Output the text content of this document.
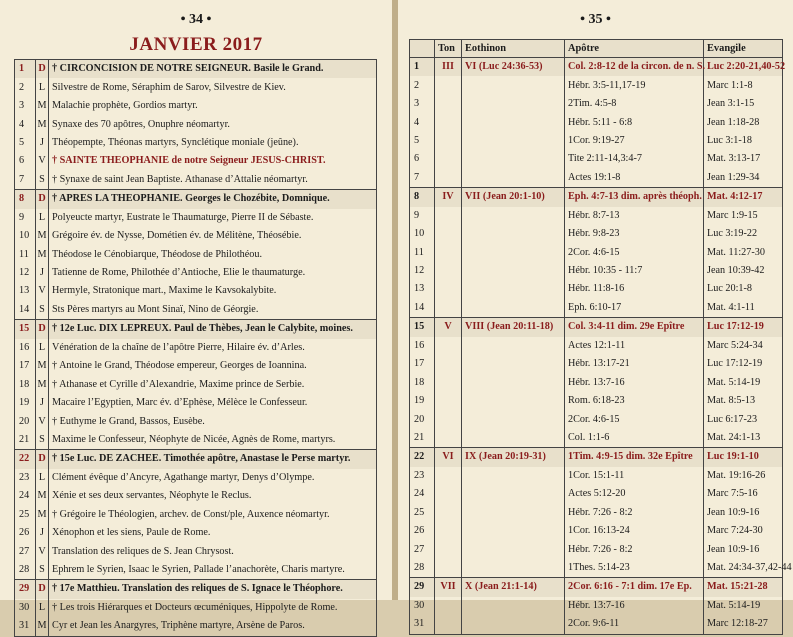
• 34 •
JANVIER 2017
1	D	† CIRCONCISION DE NOTRE SEIGNEUR. Basile le Grand.
2	L	Silvestre de Rome, Séraphim de Sarov, Silvestre de Kiev.
3	M	Malachie prophète, Gordios martyr.
4	M	Synaxe des 70 apôtres, Onuphre néomartyr.
5	J	Théopempte, Théonas martyrs, Synclétique moniale (jeûne).
6	V	† SAINTE THEOPHANIE de notre Seigneur JESUS-CHRIST.
7	S	† Synaxe de saint Jean Baptiste. Athanase d’Attalie néomartyr.
8	D	† APRES LA THEOPHANIE. Georges le Chozébite, Domnique.
9	L	Polyeucte martyr, Eustrate le Thaumaturge, Pierre II de Sébaste.
10	M	Grégoire év. de Nysse, Dométien év. de Mélitène, Théosébie.
11	M	Théodose le Cénobiarque, Théodose de Philothéou.
12	J	Tatienne de Rome, Philothée d’Antioche, Elie le thaumaturge.
13	V	Hermyle, Stratonique mart., Maxime le Kavsokalybite.
14	S	Sts Pères martyrs au Mont Sinaï, Nino de Géorgie.
15	D	† 12e Luc. DIX LEPREUX. Paul de Thèbes, Jean le Calybite, moines.
16	L	Vénération de la chaîne de l’apôtre Pierre, Hilaire év. d’Arles.
17	M	† Antoine le Grand, Théodose empereur, Georges de Ioannina.
18	M	† Athanase et Cyrille d’Alexandrie, Maxime prince de Serbie.
19	J	Macaire l’Egyptien, Marc év. d’Ephèse, Mélèce le Confesseur.
20	V	† Euthyme le Grand, Bassos, Eusèbe.
21	S	Maxime le Confesseur, Néophyte de Nicée, Agnès de Rome, martyrs.
22	D	† 15e Luc. DE ZACHEE. Timothée apôtre, Anastase le Perse martyr.
23	L	Clément évêque d’Ancyre, Agathange martyr, Denys d’Olympe.
24	M	Xénie et ses deux servantes, Néophyte le Reclus.
25	M	† Grégoire le Théologien, archev. de Const/ple, Auxence néomartyr.
26	J	Xénophon et les siens, Paule de Rome.
27	V	Translation des reliques de S. Jean Chrysost.
28	S	Ephrem le Syrien, Isaac le Syrien, Pallade l’anachorète, Charis martyre.
29	D	† 17e Matthieu. Translation des reliques de S. Ignace le Théophore.
30	L	† Les trois Hiérarques et Docteurs œcuméniques, Hippolyte de Rome.
31	M	Cyr et Jean les Anargyres, Triphène martyre, Arsène de Paros.
• 35 •
	Ton	Eothinon	Apôtre	Evangile
1	III	VI (Luc 24:36-53)	Col. 2:8-12 de la circon. de n. S.	Luc 2:20-21,40-52
2			Hébr. 3:5-11,17-19	Marc 1:1-8
3			2Tim. 4:5-8	Jean 3:1-15
4			Hébr. 5:11 - 6:8	Jean 1:18-28
5			1Cor. 9:19-27	Luc 3:1-18
6			Tite 2:11-14,3:4-7	Mat. 3:13-17
7			Actes 19:1-8	Jean 1:29-34
8	IV	VII (Jean 20:1-10)	Eph. 4:7-13 dim. après théoph.	Mat. 4:12-17
9			Hébr. 8:7-13	Marc 1:9-15
10			Hébr. 9:8-23	Luc 3:19-22
11			2Cor. 4:6-15	Mat. 11:27-30
12			Hébr. 10:35 - 11:7	Jean 10:39-42
13			Hébr. 11:8-16	Luc 20:1-8
14			Eph. 6:10-17	Mat. 4:1-11
15	V	VIII (Jean 20:11-18)	Col. 3:4-11 dim. 29e Epître	Luc 17:12-19
16			Actes 12:1-11	Marc 5:24-34
17			Hébr. 13:17-21	Luc 17:12-19
18			Hébr. 13:7-16	Mat. 5:14-19
19			Rom. 6:18-23	Mat. 8:5-13
20			2Cor. 4:6-15	Luc 6:17-23
21			Col. 1:1-6	Mat. 24:1-13
22	VI	IX (Jean 20:19-31)	1Tim. 4:9-15 dim. 32e Epître	Luc 19:1-10
23			1Cor. 15:1-11	Mat. 19:16-26
24			Actes 5:12-20	Marc 7:5-16
25			Hébr. 7:26 - 8:2	Jean 10:9-16
26			1Cor. 16:13-24	Marc 7:24-30
27			Hébr. 7:26 - 8:2	Jean 10:9-16
28			1Thes. 5:14-23	Mat. 24:34-37,42-44
29	VII	X (Jean 21:1-14)	2Cor. 6:16 - 7:1 dim. 17e Ep.	Mat. 15:21-28
30			Hébr. 13:7-16	Mat. 5:14-19
31			2Cor. 9:6-11	Marc 12:18-27
